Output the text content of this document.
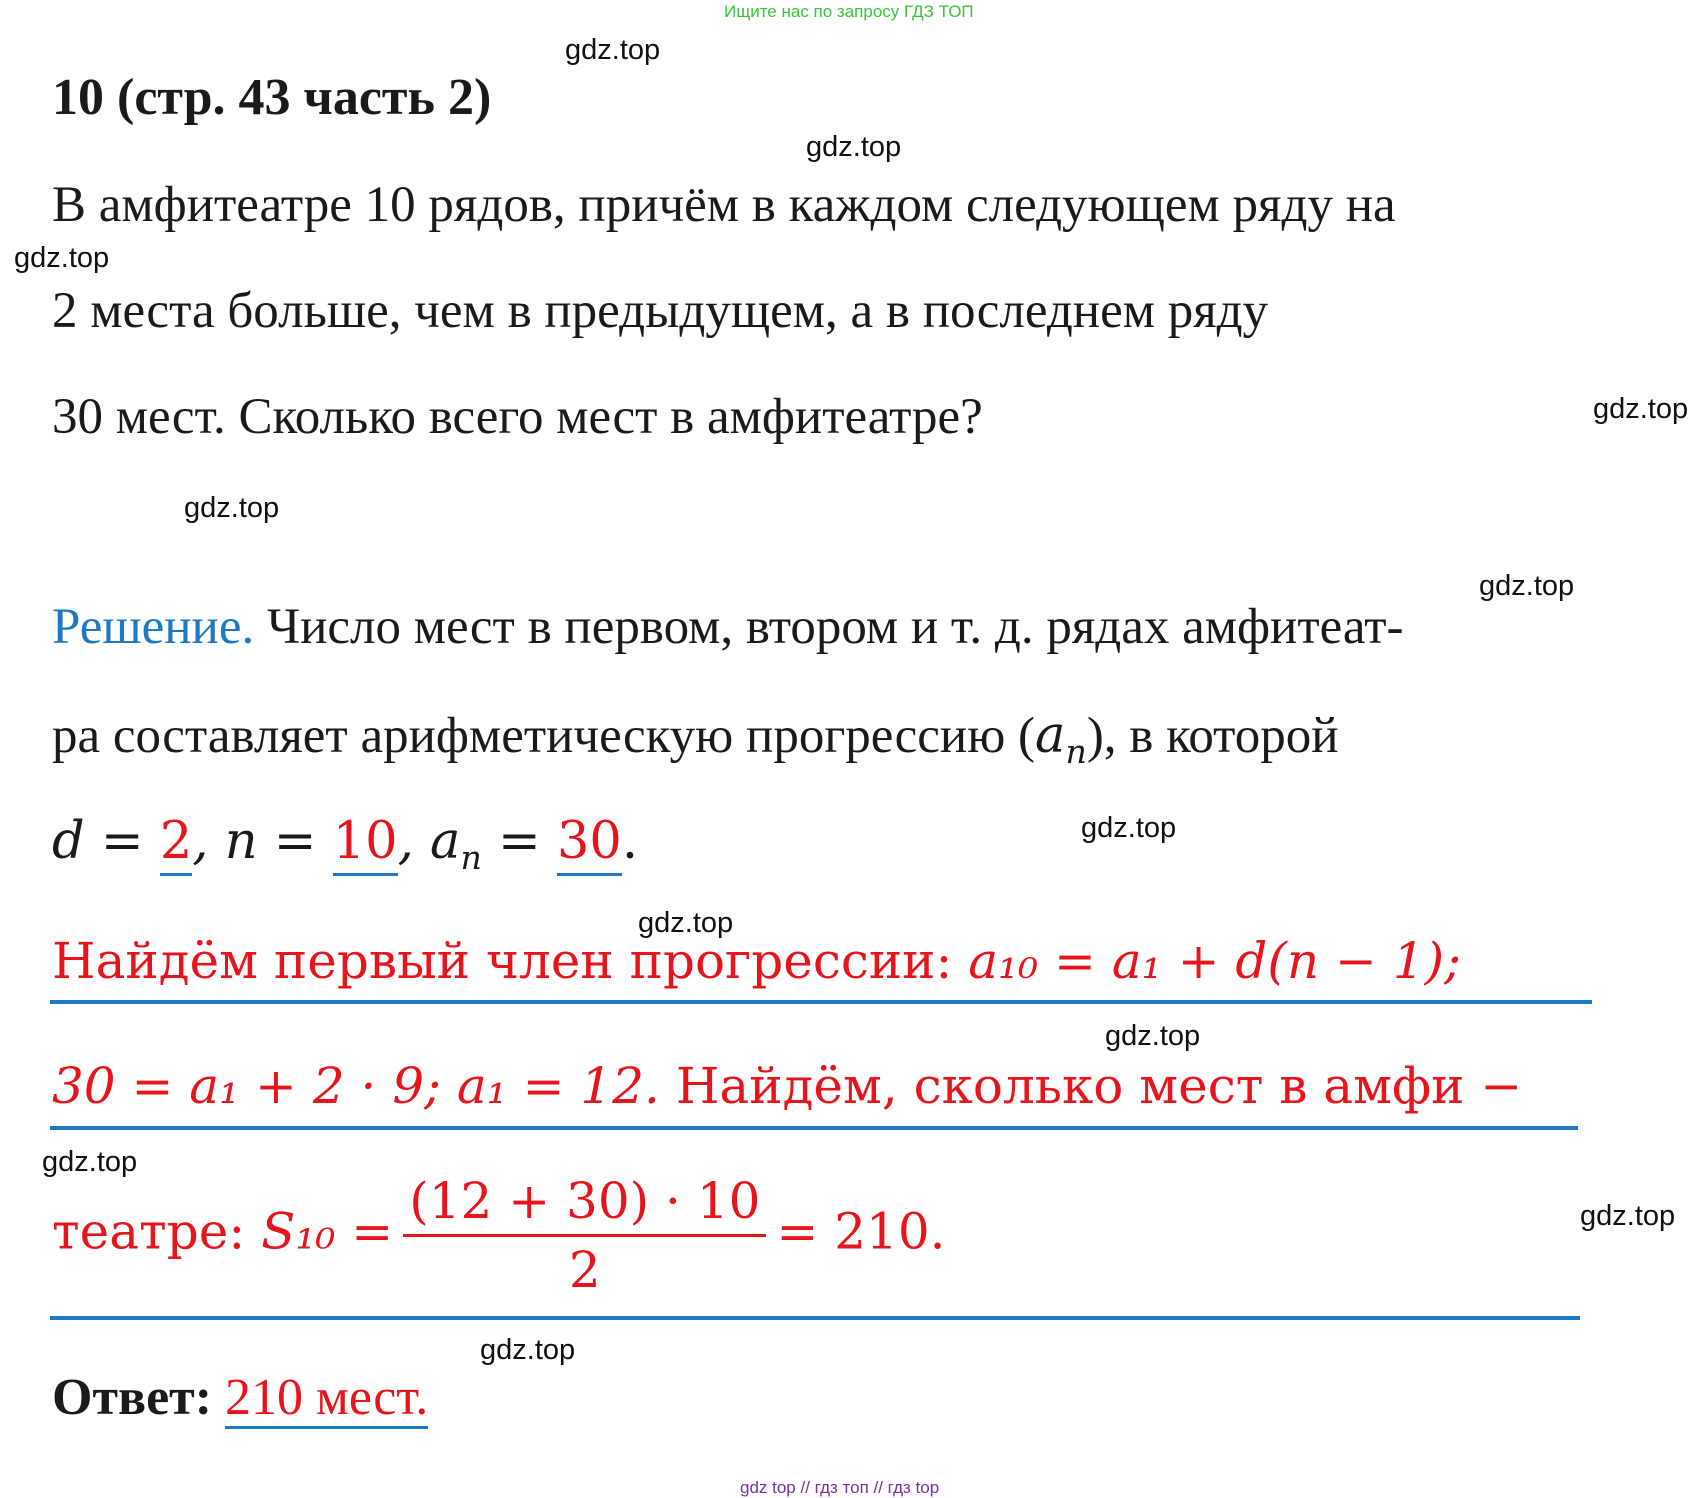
Ищите нас по запросу ГДЗ ТОП
gdz.top
gdz.top
gdz.top
gdz.top
gdz.top
gdz.top
gdz.top
gdz.top
gdz.top
gdz.top
gdz.top
gdz.top
10 (стр. 43 часть 2)
В амфитеатре 10 рядов, причём в каждом следующем ряду на
2 места больше, чем в предыдущем, а в последнем ряду
30 мест. Сколько всего мест в амфитеатре?
Решение. Число мест в первом, втором и т. д. рядах амфитеат-
ра составляет арифметическую прогрессию $(a_n)$, в которой
d = 2, n = 10, $a_n = 30$.
Найдём первый член прогрессии: a₁₀ = a₁ + d(n − 1);
30 = a₁ + 2 · 9; a₁ = 12. Найдём, сколько мест в амфи −
театре: $S_{10} = \frac{(12 + 30) \cdot 10}{2} = 210$.
Ответ: 210 мест.
gdz top // гдз топ // гдз top
